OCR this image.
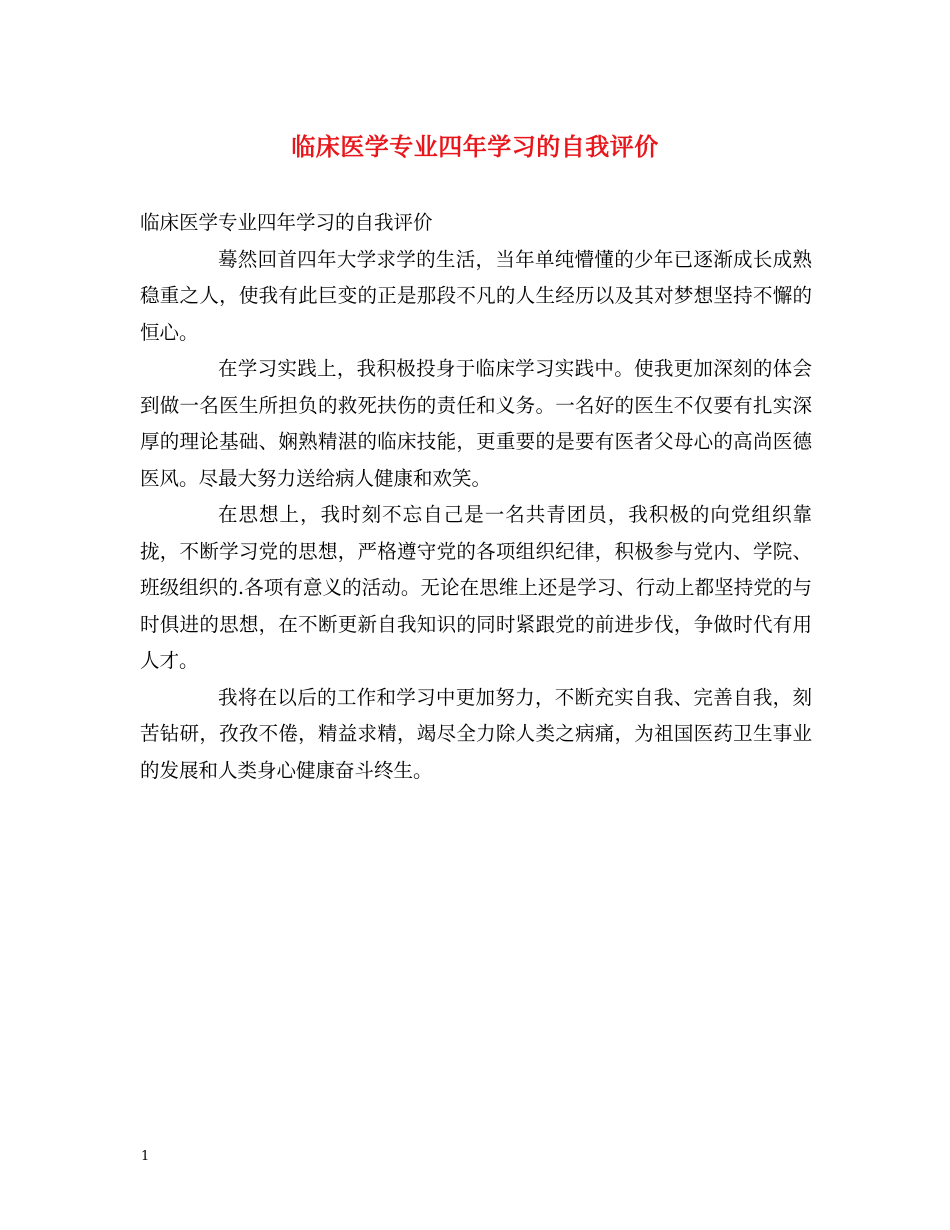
临床医学专业四年学习的自我评价

临床医学专业四年学习的自我评价

蓦然回首四年大学求学的生活，当年单纯懵懂的少年已逐渐成长成熟稳重之人，使我有此巨变的正是那段不凡的人生经历以及其对梦想坚持不懈的恒心。

在学习实践上，我积极投身于临床学习实践中。使我更加深刻的体会到做一名医生所担负的救死扶伤的责任和义务。一名好的医生不仅要有扎实深厚的理论基础、娴熟精湛的临床技能，更重要的是要有医者父母心的高尚医德医风。尽最大努力送给病人健康和欢笑。

在思想上，我时刻不忘自己是一名共青团员，我积极的向党组织靠拢，不断学习党的思想，严格遵守党的各项组织纪律，积极参与党内、学院、班级组织的.各项有意义的活动。无论在思维上还是学习、行动上都坚持党的与时俱进的思想，在不断更新自我知识的同时紧跟党的前进步伐，争做时代有用人才。

我将在以后的工作和学习中更加努力，不断充实自我、完善自我，刻苦钻研，孜孜不倦，精益求精，竭尽全力除人类之病痛，为祖国医药卫生事业的发展和人类身心健康奋斗终生。

1
